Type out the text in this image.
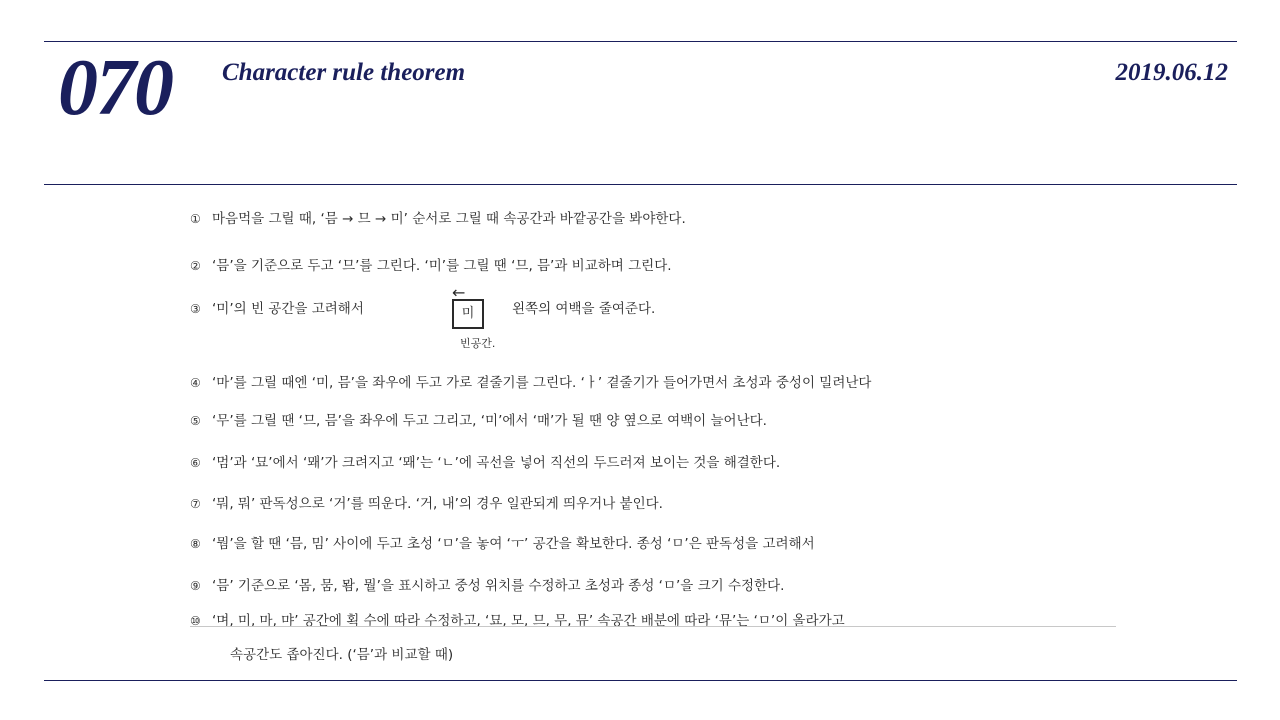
070 Character rule theorem	2019.06.12
① 마음먹을 그릴 때, ‘믐 → 므 → 미’ 순서로 그릴 때 속공간과 바깥공간을 봐야한다.
② ‘믐’을 기준으로 두고 ‘므’를 그린다. ‘미’를 그릴 땐 ‘므, 믐’과 비교하며 그린다.
③ ‘미’의 빈 공간을 고려해서	왼쪽의 여백을 줄여준다.
←
미
빈공간.
④ ‘마’를 그릴 때엔 ‘미, 믐’을 좌우에 두고 가로 곁줄기를 그린다. ‘ㅏ’ 곁줄기가 들어가면서 초성과 중성이 밀려난다
⑤ ‘무’를 그릴 땐 ‘므, 믐’을 좌우에 두고 그리고, ‘미’에서 ‘매’가 될 땐 양 옆으로 여백이 늘어난다.
⑥ ‘멈’과 ‘묘’에서 ‘뫠’가 크려지고 ‘뫠’는 ‘ㄴ’에 곡선을 넣어 직선의 두드러져 보이는 것을 해결한다.
⑦ ‘뭐, 뭐’ 판독성으로 ‘거’를 띄운다. ‘거, 내’의 경우 일관되게 띄우거나 붙인다.
⑧ ‘뭠’을 할 땐 ‘믐, 밈’ 사이에 두고 초성 ‘ㅁ’을 놓여 ‘ㅜ’ 공간을 확보한다. 종성 ‘ㅁ’은 판독성을 고려해서
⑨ ‘믐’ 기준으로 ‘몸, 뭄, 뫔, 뭘’을 표시하고 중성 위치를 수정하고 초성과 종성 ‘ㅁ’을 크기 수정한다.
⑩ ‘며, 미, 마, 먀’ 공간에 획 수에 따라 수정하고, ‘묘, 모, 므, 무, 뮤’ 속공간 배분에 따라 ‘뮤’는 ‘ㅁ’이 올라가고
속공간도 좁아진다. (‘믐’과 비교할 때)
